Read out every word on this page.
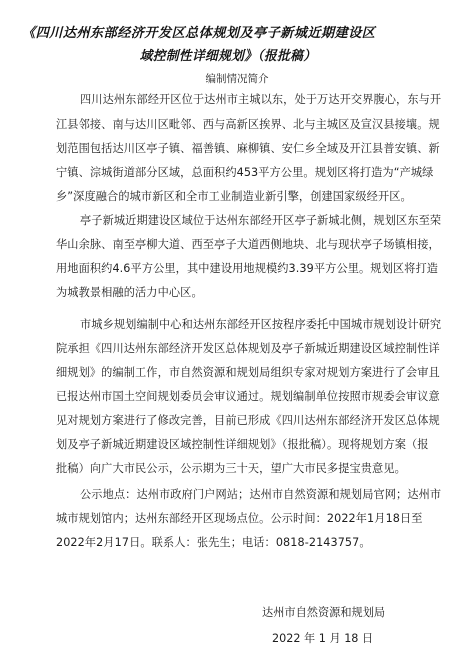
《四川达州东部经济开发区总体规划及亭子新城近期建设区
域控制性详细规划》（报批稿）
编制情况简介
四川达州东部经开区位于达州市主城以东，处于万达开交界腹心，东与开
江县邻接、南与达川区毗邻、西与高新区挨界、北与主城区及宣汉县接壤。规
划范围包括达川区亭子镇、福善镇、麻柳镇、安仁乡全域及开江县普安镇、新
宁镇、淙城街道部分区域，总面积约453平方公里。规划区将打造为“产城绿
乡”深度融合的城市新区和全市工业制造业新引擎，创建国家级经开区。
亭子新城近期建设区域位于达州东部经开区亭子新城北侧，规划区东至荣
华山余脉、南至亭柳大道、西至亭子大道西侧地块、北与现状亭子场镇相接，
用地面积约4.6平方公里，其中建设用地规模约3.39平方公里。规划区将打造
为城教景相融的活力中心区。
市城乡规划编制中心和达州东部经开区按程序委托中国城市规划设计研究
院承担《四川达州东部经济开发区总体规划及亭子新城近期建设区域控制性详
细规划》的编制工作，市自然资源和规划局组织专家对规划方案进行了会审且
已报达州市国土空间规划委员会审议通过。规划编制单位按照市规委会审议意
见对规划方案进行了修改完善，目前已形成《四川达州东部经济开发区总体规
划及亭子新城近期建设区域控制性详细规划》（报批稿）。现将规划方案（报
批稿）向广大市民公示，公示期为三十天，望广大市民多提宝贵意见。
公示地点：达州市政府门户网站；达州市自然资源和规划局官网；达州市
城市规划馆内；达州东部经开区现场点位。公示时间：2022年1月18日至
2022年2月17日。联系人：张先生；电话：0818-2143757。
达州市自然资源和规划局
2022 年 1 月 18 日
